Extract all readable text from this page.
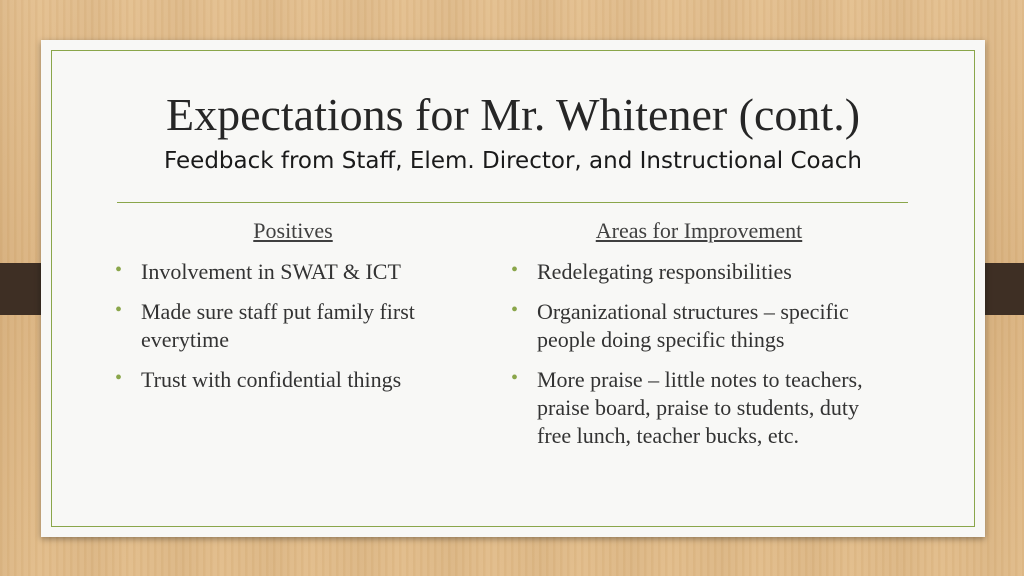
Expectations for Mr. Whitener (cont.)
Feedback from Staff, Elem. Director, and Instructional Coach
Positives
• Involvement in SWAT & ICT
• Made sure staff put family first everytime
• Trust with confidential things
Areas for Improvement
• Redelegating responsibilities
• Organizational structures – specific people doing specific things
• More praise – little notes to teachers, praise board, praise to students, duty free lunch, teacher bucks, etc.
